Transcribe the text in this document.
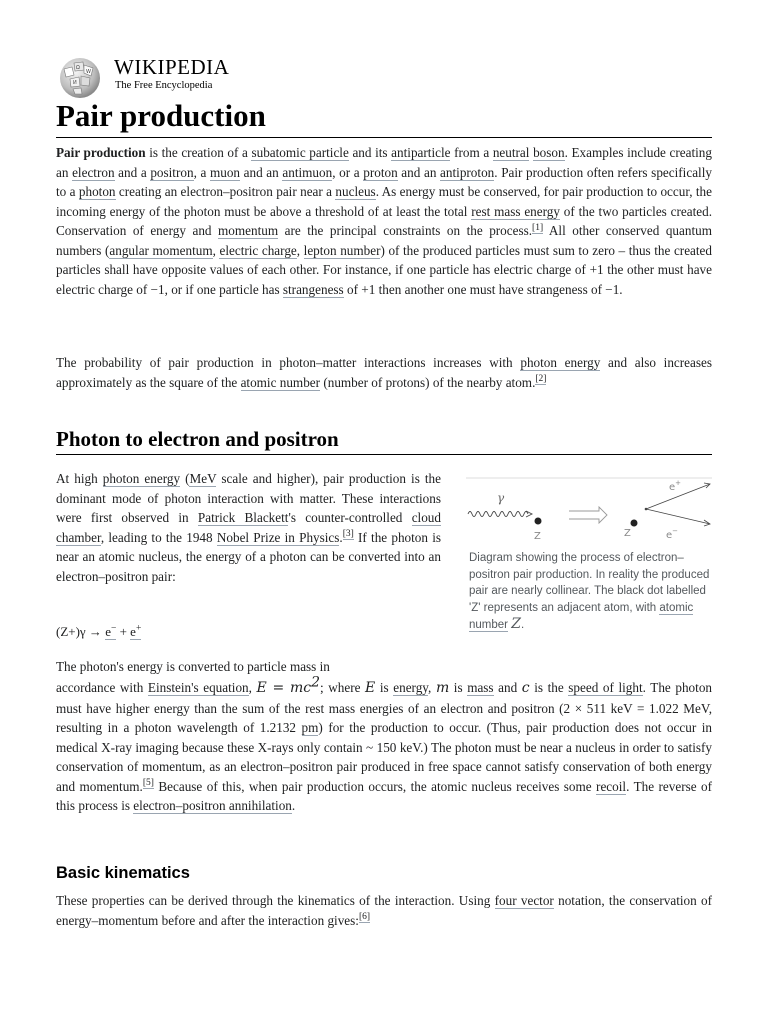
Ω
W
И
WIKIPEDIA
The Free Encyclopedia
Pair production
Pair production is the creation of a subatomic particle and its antiparticle from a neutral boson. Examples include creating an electron and a positron, a muon and an antimuon, or a proton and an antiproton. Pair production often refers specifically to a photon creating an electron–positron pair near a nucleus. As energy must be conserved, for pair production to occur, the incoming energy of the photon must be above a threshold of at least the total rest mass energy of the two particles created. Conservation of energy and momentum are the principal constraints on the process.[1] All other conserved quantum numbers (angular momentum, electric charge, lepton number) of the produced particles must sum to zero – thus the created particles shall have opposite values of each other. For instance, if one particle has electric charge of +1 the other must have electric charge of −1, or if one particle has strangeness of +1 then another one must have strangeness of −1.
The probability of pair production in photon–matter interactions increases with photon energy and also increases approximately as the square of the atomic number (number of protons) of the nearby atom.[2]
Photon to electron and positron
γ
Z	Z
e+
e−
Diagram showing the process of electron–positron pair production. In reality the produced pair are nearly collinear. The black dot labelled 'Z' represents an adjacent atom, with atomic number Z.
At high photon energy (MeV scale and higher), pair production is the dominant mode of photon interaction with matter. These interactions were first observed in Patrick Blackett's counter-controlled cloud chamber, leading to the 1948 Nobel Prize in Physics.[3] If the photon is near an atomic nucleus, the energy of a photon can be converted into an electron–positron pair:
(Z+)γ → e− + e+
The photon's energy is converted to particle mass in
accordance with Einstein's equation, $E = mc^2$; where E is energy, m is mass and c is the speed of light. The photon must have higher energy than the sum of the rest mass energies of an electron and positron (2 × 511 keV = 1.022 MeV, resulting in a photon wavelength of 1.2132 pm) for the production to occur. (Thus, pair production does not occur in medical X-ray imaging because these X-rays only contain ~ 150 keV.) The photon must be near a nucleus in order to satisfy conservation of momentum, as an electron–positron pair produced in free space cannot satisfy conservation of both energy and momentum.[5] Because of this, when pair production occurs, the atomic nucleus receives some recoil. The reverse of this process is electron–positron annihilation.
Basic kinematics
These properties can be derived through the kinematics of the interaction. Using four vector notation, the conservation of energy–momentum before and after the interaction gives:[6]
